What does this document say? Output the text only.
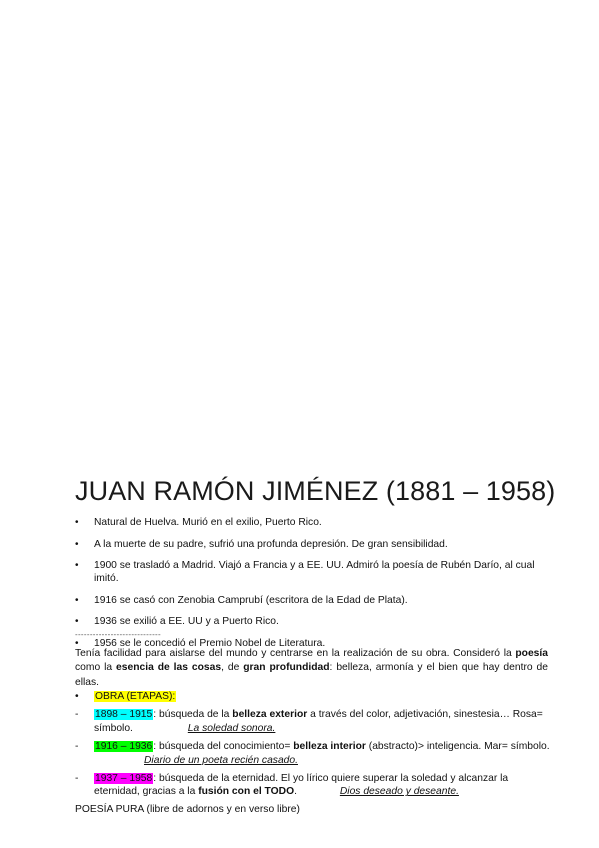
JUAN RAMÓN JIMÉNEZ (1881 – 1958)
• Natural de Huelva. Murió en el exilio, Puerto Rico.
• A la muerte de su padre, sufrió una profunda depresión. De gran sensibilidad.
• 1900 se trasladó a Madrid. Viajó a Francia y a EE. UU. Admiró la poesía de Rubén Darío, al cual imitó.
• 1916 se casó con Zenobia Camprubí (escritora de la Edad de Plata).
• 1936 se exilió a EE. UU y a Puerto Rico.
• 1956 se le concedió el Premio Nobel de Literatura.
-----------------------------
Tenía facilidad para aislarse del mundo y centrarse en la realización de su obra. Consideró la poesía como la esencia de las cosas, de gran profundidad: belleza, armonía y el bien que hay dentro de ellas.
• OBRA (ETAPAS):
- 1898 – 1915: búsqueda de la belleza exterior a través del color, adjetivación, sinestesia… Rosa= símbolo.	La soledad sonora.
- 1916 – 1936: búsqueda del conocimiento= belleza interior (abstracto)> inteligencia. Mar= símbolo. Diario de un poeta recién casado.
- 1937 – 1958: búsqueda de la eternidad. El yo lírico quiere superar la soledad y alcanzar la eternidad, gracias a la fusión con el TODO.	Dios deseado y deseante.
POESÍA PURA (libre de adornos y en verso libre)
